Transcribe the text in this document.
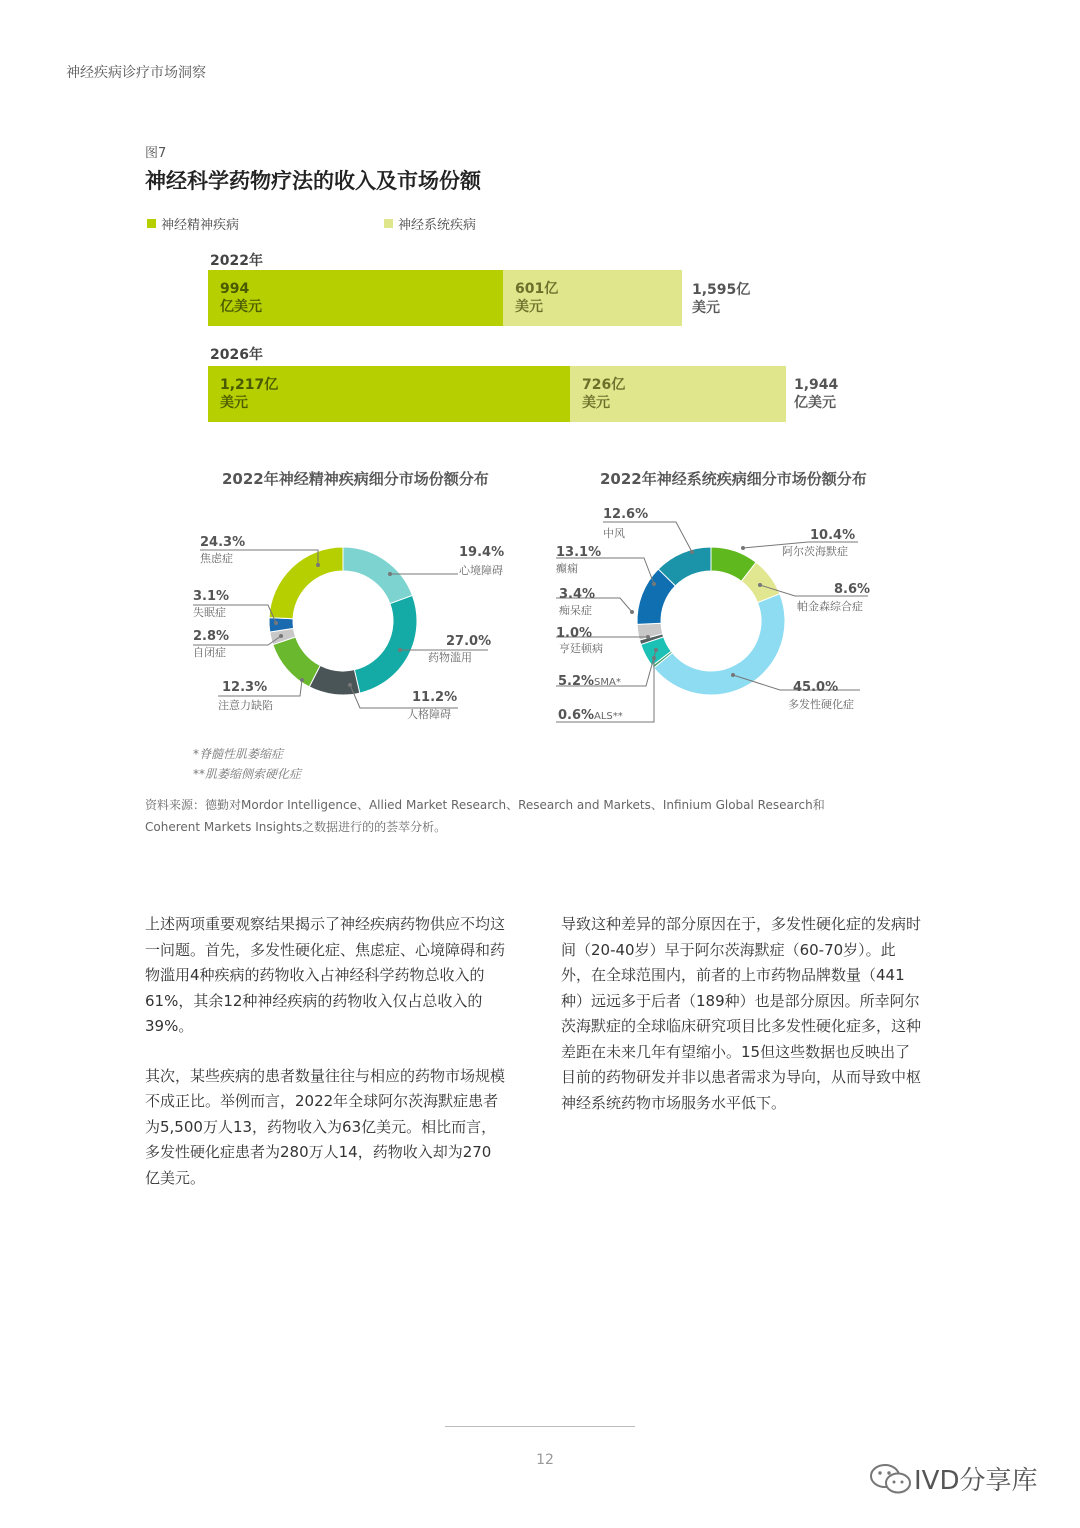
神经疾病诊疗市场洞察
图7
神经科学药物疗法的收入及市场份额
神经精神疾病	神经系统疾病
2022年
994
亿美元
601亿
美元
1,595亿
美元
2026年
1,217亿
美元
726亿
美元
1,944
亿美元
2022年神经精神疾病细分市场份额分布	2022年神经系统疾病细分市场份额分布
24.3%
焦虑症
3.1%
失眠症
2.8%
自闭症
12.3%
注意力缺陷
19.4%
心境障碍
27.0%
药物滥用
11.2%
人格障碍
12.6%
中风
13.1%
癫痫
3.4%
痴呆症
1.0%
亨廷顿病
5.2% SMA*
0.6% ALS**
10.4%
阿尔茨海默症
8.6%
帕金森综合症
45.0%
多发性硬化症
*脊髓性肌萎缩症
**肌萎缩侧索硬化症
资料来源：德勤对Mordor Intelligence、Allied Market Research、Research and Markets、Infinium Global Research和
Coherent Markets Insights之数据进行的的荟萃分析。

上述两项重要观察结果揭示了神经疾病药物供应不均这一问题。首先，多发性硬化症、焦虑症、心境障碍和药物滥用4种疾病的药物收入占神经科学药物总收入的61%，其余12种神经疾病的药物收入仅占总收入的39%。

其次，某些疾病的患者数量往往与相应的药物市场规模不成正比。举例而言，2022年全球阿尔茨海默症患者为5,500万人13，药物收入为63亿美元。相比而言，多发性硬化症患者为280万人14，药物收入却为270亿美元。

导致这种差异的部分原因在于，多发性硬化症的发病时间（20-40岁）早于阿尔茨海默症（60-70岁）。此外，在全球范围内，前者的上市药物品牌数量（441种）远远多于后者（189种）也是部分原因。所幸阿尔茨海默症的全球临床研究项目比多发性硬化症多，这种差距在未来几年有望缩小。15但这些数据也反映出了目前的药物研发并非以患者需求为导向，从而导致中枢神经系统药物市场服务水平低下。

12
IVD分享库
